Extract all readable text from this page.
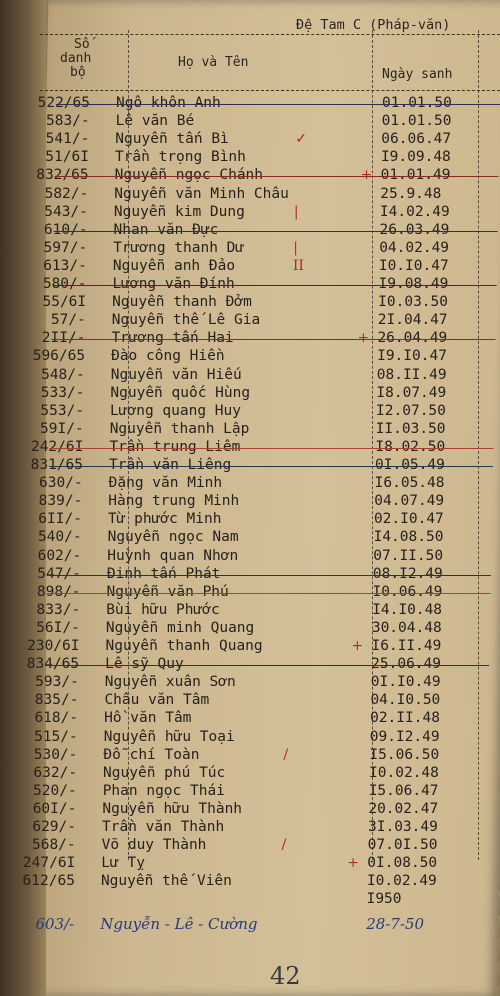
Đệ Tam C (Pháp-văn)
Số
danh
bộ
Họ và Tên
Ngày sanh
522/65 Ngô khôn Anh	01.01.50
583/- Lê văn Bé	01.01.50
541/- Nguyễn tấn Bì	06.06.47
✓
51/6I Trần trọng Bình	I9.09.48
832/65 Nguyễn ngọc Chánh	01.01.49
+
582/- Nguyễn văn Minh Châu	25.9.48
543/- Nguyễn kim Dung	I4.02.49
|
610/- Nhan văn Đực	26.03.49
597/- Trương thanh Dư	04.02.49
|
613/- Nguyễn anh Đảo	I0.I0.47
II
580/- Lương văn Đính	I9.08.49
55/6I Nguyễn thanh Đởm	I0.03.50
57/- Nguyễn thế Lê Gia	2I.04.47
2II/- Trương tấn Hai	26.04.49
+
596/65 Đào công Hiền	I9.I0.47
548/- Nguyễn văn Hiếu	08.II.49
533/- Nguyễn quốc Hùng	I8.07.49
553/- Lương quang Huy	I2.07.50
59I/- Nguyễn thanh Lập	II.03.50
242/6I Trần trung Liêm	I8.02.50
831/65 Trần văn Liêng	0I.05.49
630/- Đặng văn Minh	I6.05.48
839/- Hàng trung Minh	04.07.49
6II/- Từ phước Minh	02.I0.47
540/- Nguyễn ngọc Nam	I4.08.50
602/- Huỳnh quan Nhơn	07.II.50
547/- Đinh tấn Phát	08.I2.49
898/- Nguyễn văn Phú	I0.06.49
833/- Bùi hữu Phước	I4.I0.48
56I/- Nguyễn minh Quang	30.04.48
230/6I Nguyễn thanh Quang	I6.II.49
+
834/65 Lê sỹ Quy	25.06.49
593/- Nguyễn xuân Sơn	0I.I0.49
835/- Châu văn Tâm	04.I0.50
618/- Hồ văn Tâm	02.II.48
515/- Nguyễn hữu Toại	09.I2.49
530/- Đỗ chí Toàn	I5.06.50
/
632/- Nguyễn phú Túc	I0.02.48
520/- Phan ngọc Thái	I5.06.47
60I/- Nguyễn hữu Thành	20.02.47
629/- Trần văn Thành	3I.03.49
568/- Võ duy Thành	07.0I.50
/
247/6I Lư Tỵ	0I.08.50
+
612/65 Nguyễn thế Viên	I0.02.49
I950
603/- Nguyễn - Lê - Cường	28-7-50
42
